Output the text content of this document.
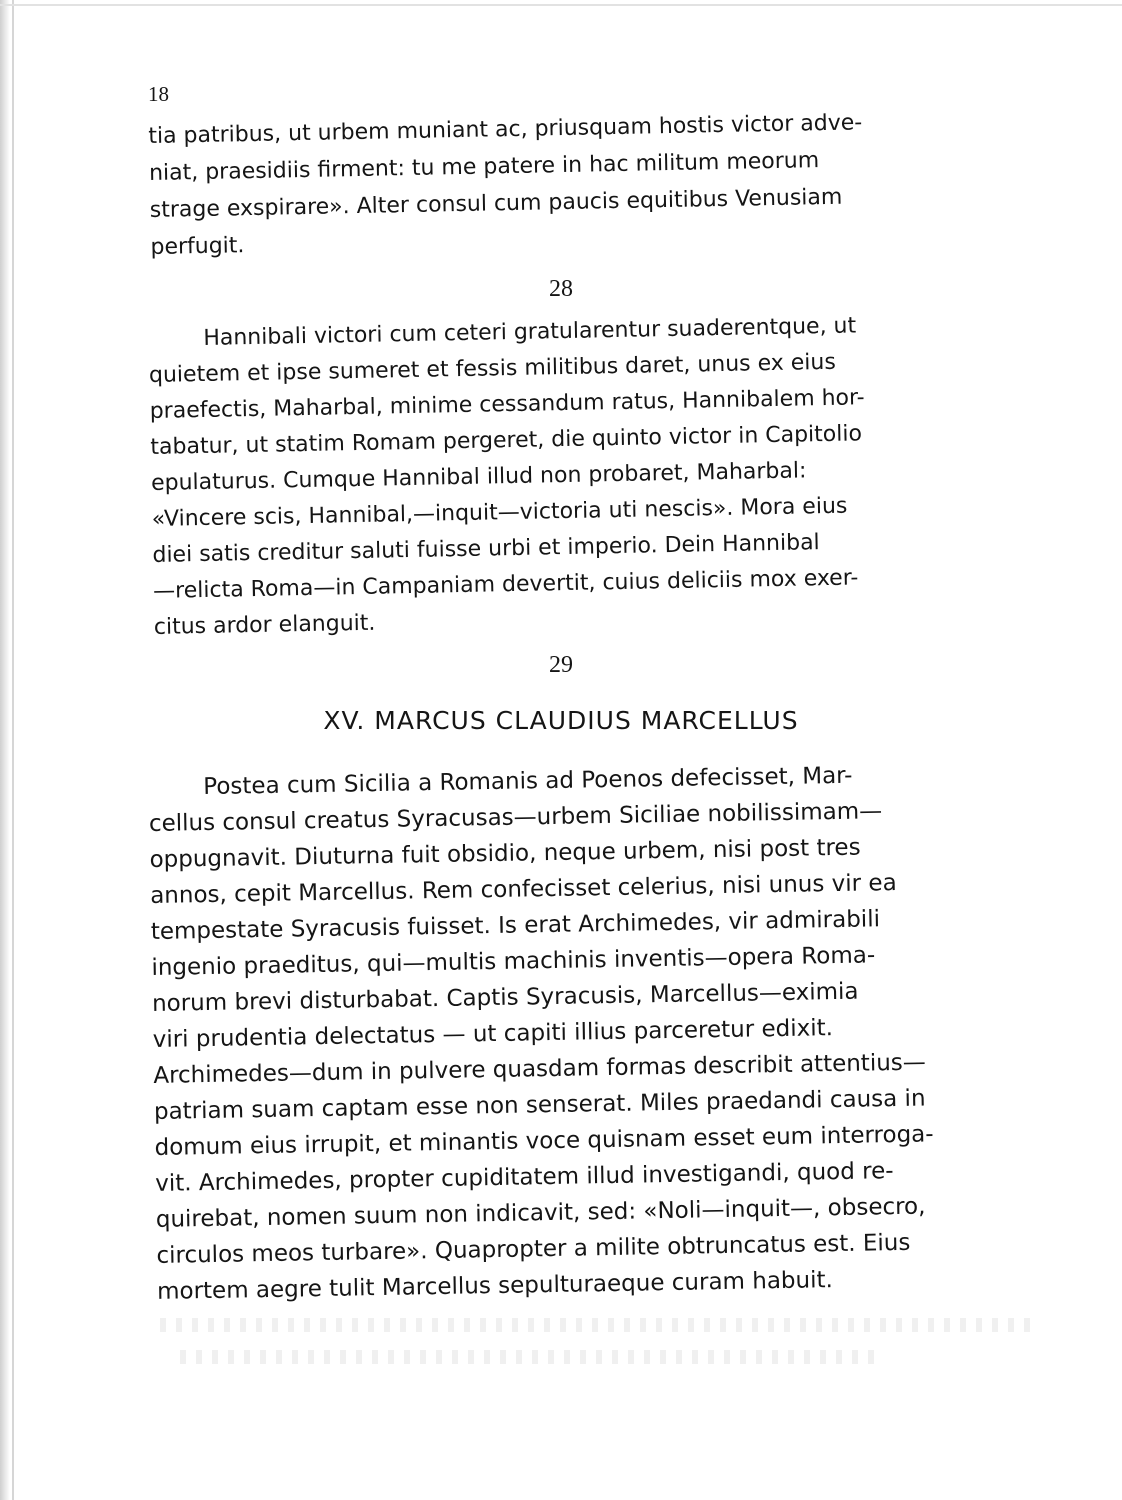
18
tia patribus, ut urbem muniant ac, priusquam hostis victor adve-
niat, praesidiis firment: tu me patere in hac militum meorum
strage exspirare». Alter consul cum paucis equitibus Venusiam
perfugit.
28
Hannibali victori cum ceteri gratularentur suaderentque, ut
quietem et ipse sumeret et fessis militibus daret, unus ex eius
praefectis, Maharbal, minime cessandum ratus, Hannibalem hor-
tabatur, ut statim Romam pergeret, die quinto victor in Capitolio
epulaturus. Cumque Hannibal illud non probaret, Maharbal:
«Vincere scis, Hannibal,—inquit—victoria uti nescis». Mora eius
diei satis creditur saluti fuisse urbi et imperio. Dein Hannibal
—relicta Roma—in Campaniam devertit, cuius deliciis mox exer-
citus ardor elanguit.
29
XV. MARCUS CLAUDIUS MARCELLUS
Postea cum Sicilia a Romanis ad Poenos defecisset, Mar-
cellus consul creatus Syracusas—urbem Siciliae nobilissimam—
oppugnavit. Diuturna fuit obsidio, neque urbem, nisi post tres
annos, cepit Marcellus. Rem confecisset celerius, nisi unus vir ea
tempestate Syracusis fuisset. Is erat Archimedes, vir admirabili
ingenio praeditus, qui—multis machinis inventis—opera Roma-
norum brevi disturbabat. Captis Syracusis, Marcellus—eximia
viri prudentia delectatus — ut capiti illius parceretur edixit.
Archimedes—dum in pulvere quasdam formas describit attentius—
patriam suam captam esse non senserat. Miles praedandi causa in
domum eius irrupit, et minantis voce quisnam esset eum interroga-
vit. Archimedes, propter cupiditatem illud investigandi, quod re-
quirebat, nomen suum non indicavit, sed: «Noli—inquit—, obsecro,
circulos meos turbare». Quapropter a milite obtruncatus est. Eius
mortem aegre tulit Marcellus sepulturaeque curam habuit.
